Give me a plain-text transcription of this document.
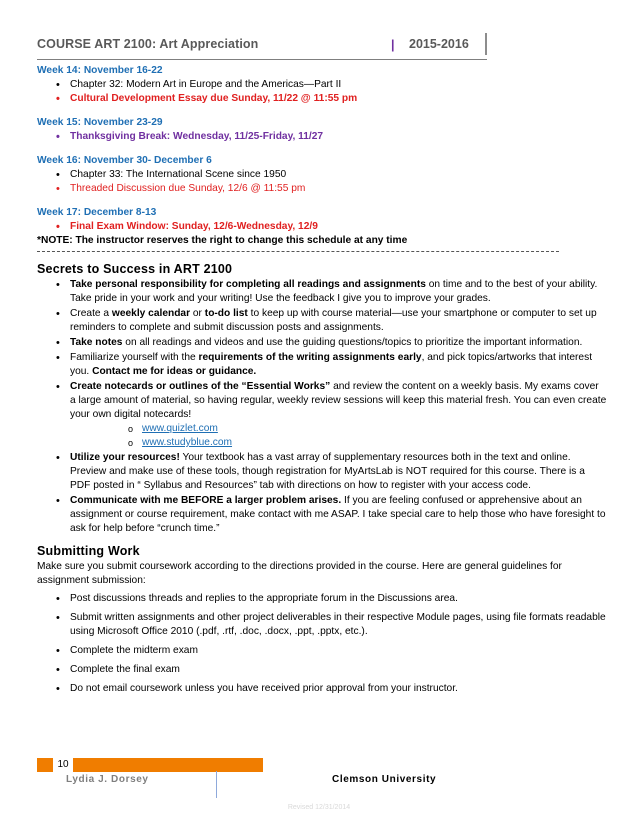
COURSE ART 2100: Art Appreciation	| 2015-2016
Week 14: November 16-22
• Chapter 32: Modern Art in Europe and the Americas—Part II
• Cultural Development Essay due Sunday, 11/22 @ 11:55 pm
Week 15: November 23-29
• Thanksgiving Break: Wednesday, 11/25-Friday, 11/27
Week 16: November 30- December 6
• Chapter 33: The International Scene since 1950
• Threaded Discussion due Sunday, 12/6 @ 11:55 pm
Week 17: December 8-13
• Final Exam Window: Sunday, 12/6-Wednesday, 12/9
*NOTE: The instructor reserves the right to change this schedule at any time
Secrets to Success in ART 2100
• Take personal responsibility for completing all readings and assignments on time and to the best of your ability. Take pride in your work and your writing! Use the feedback I give you to improve your grades.
• Create a weekly calendar or to-do list to keep up with course material—use your smartphone or computer to set up reminders to complete and submit discussion posts and assignments.
• Take notes on all readings and videos and use the guiding questions/topics to prioritize the important information.
• Familiarize yourself with the requirements of the writing assignments early, and pick topics/artworks that interest you. Contact me for ideas or guidance.
• Create notecards or outlines of the “Essential Works” and review the content on a weekly basis. My exams cover a large amount of material, so having regular, weekly review sessions will keep this material fresh. You can even create your own digital notecards!
o www.quizlet.com
o www.studyblue.com
• Utilize your resources! Your textbook has a vast array of supplementary resources both in the text and online. Preview and make use of these tools, though registration for MyArtsLab is NOT required for this course. There is a PDF posted in “ Syllabus and Resources” tab with directions on how to register with your access code.
• Communicate with me BEFORE a larger problem arises. If you are feeling confused or apprehensive about an assignment or course requirement, make contact with me ASAP. I take special care to help those who have foresight to ask for help before “crunch time.”
Submitting Work
Make sure you submit coursework according to the directions provided in the course. Here are general guidelines for assignment submission:
• Post discussions threads and replies to the appropriate forum in the Discussions area.
• Submit written assignments and other project deliverables in their respective Module pages, using file formats readable using Microsoft Office 2010 (.pdf, .rtf, .doc, .docx, .ppt, .pptx, etc.).
• Complete the midterm exam
• Complete the final exam
• Do not email coursework unless you have received prior approval from your instructor.
10
Lydia J. Dorsey	Clemson University
Revised 12/31/2014
